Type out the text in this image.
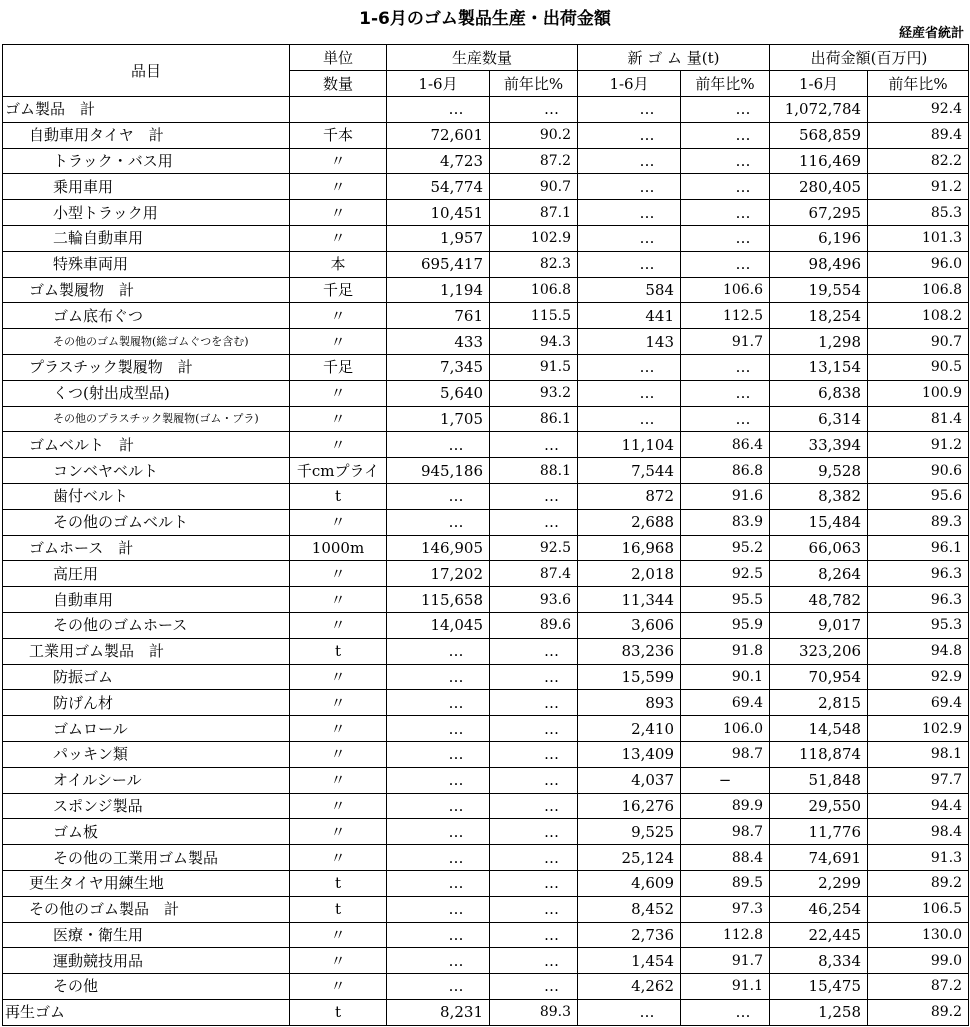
1-6月のゴム製品生産・出荷金額
経産省統計
品目	単位	生産数量		新 ゴ ム 量(t)		出荷金額(百万円)	
	数量	1-6月	前年比%	1-6月	前年比%	1-6月	前年比%
ゴム製品　計		…	…	…	…	1,072,784	92.4
自動車用タイヤ　計	千本	72,601	90.2	…	…	568,859	89.4
トラック・バス用	〃	4,723	87.2	…	…	116,469	82.2
乗用車用	〃	54,774	90.7	…	…	280,405	91.2
小型トラック用	〃	10,451	87.1	…	…	67,295	85.3
二輪自動車用	〃	1,957	102.9	…	…	6,196	101.3
特殊車両用	本	695,417	82.3	…	…	98,496	96.0
ゴム製履物　計	千足	1,194	106.8	584	106.6	19,554	106.8
ゴム底布ぐつ	〃	761	115.5	441	112.5	18,254	108.2
その他のゴム製履物(総ゴムぐつを含む)	〃	433	94.3	143	91.7	1,298	90.7
プラスチック製履物　計	千足	7,345	91.5	…	…	13,154	90.5
くつ(射出成型品)	〃	5,640	93.2	…	…	6,838	100.9
その他のプラスチック製履物(ゴム・プラ)	〃	1,705	86.1	…	…	6,314	81.4
ゴムベルト　計	〃	…	…	11,104	86.4	33,394	91.2
コンベヤベルト	千cmプライ	945,186	88.1	7,544	86.8	9,528	90.6
歯付ベルト	t	…	…	872	91.6	8,382	95.6
その他のゴムベルト	〃	…	…	2,688	83.9	15,484	89.3
ゴムホース　計	1000m	146,905	92.5	16,968	95.2	66,063	96.1
高圧用	〃	17,202	87.4	2,018	92.5	8,264	96.3
自動車用	〃	115,658	93.6	11,344	95.5	48,782	96.3
その他のゴムホース	〃	14,045	89.6	3,606	95.9	9,017	95.3
工業用ゴム製品　計	t	…	…	83,236	91.8	323,206	94.8
防振ゴム	〃	…	…	15,599	90.1	70,954	92.9
防げん材	〃	…	…	893	69.4	2,815	69.4
ゴムロール	〃	…	…	2,410	106.0	14,548	102.9
パッキン類	〃	…	…	13,409	98.7	118,874	98.1
オイルシール	〃	…	…	4,037	−	51,848	97.7
スポンジ製品	〃	…	…	16,276	89.9	29,550	94.4
ゴム板	〃	…	…	9,525	98.7	11,776	98.4
その他の工業用ゴム製品	〃	…	…	25,124	88.4	74,691	91.3
更生タイヤ用練生地	t	…	…	4,609	89.5	2,299	89.2
その他のゴム製品　計	t	…	…	8,452	97.3	46,254	106.5
医療・衛生用	〃	…	…	2,736	112.8	22,445	130.0
運動競技用品	〃	…	…	1,454	91.7	8,334	99.0
その他	〃	…	…	4,262	91.1	15,475	87.2
再生ゴム	t	8,231	89.3	…	…	1,258	89.2
